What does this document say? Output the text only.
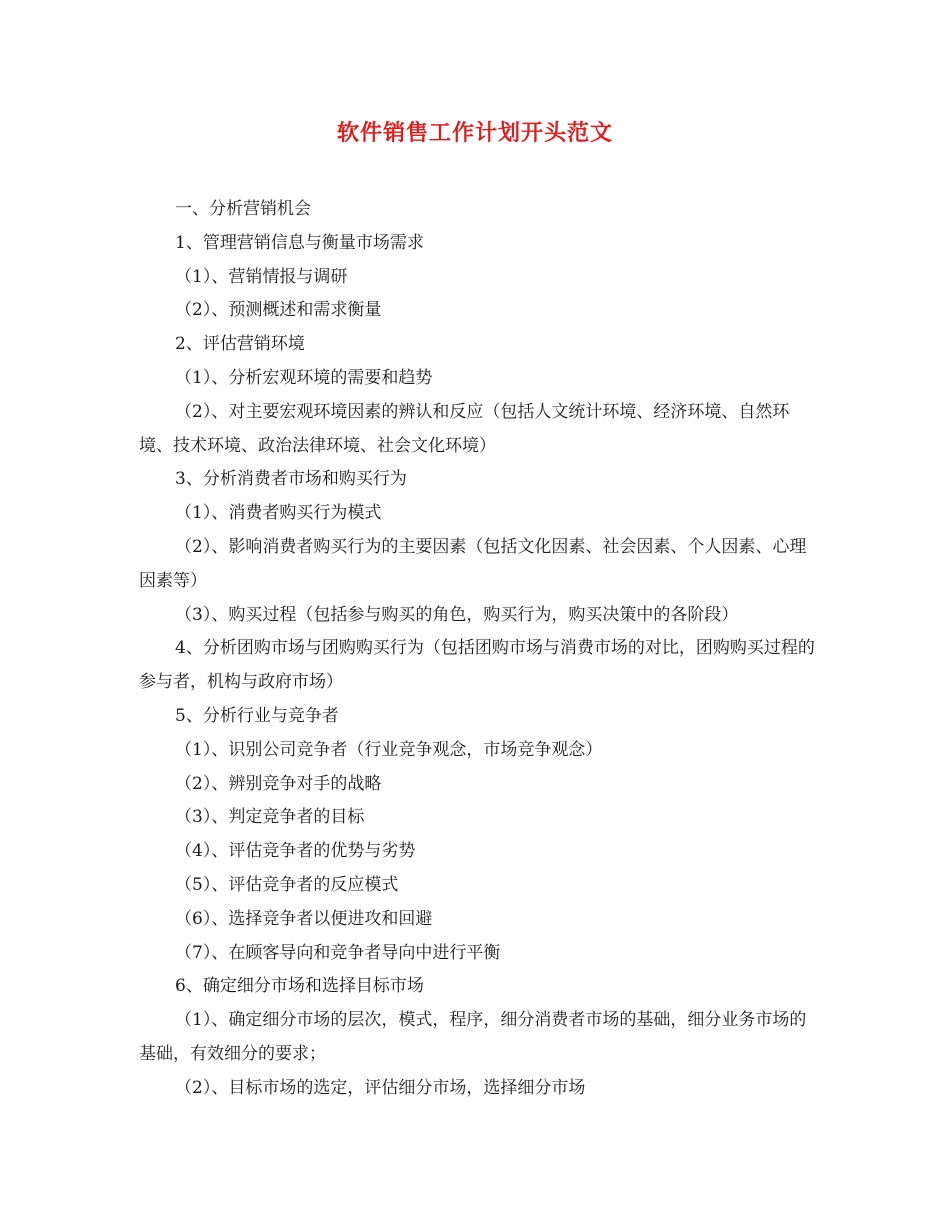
软件销售工作计划开头范文

一、分析营销机会

1、管理营销信息与衡量市场需求

（1）、营销情报与调研

（2）、预测概述和需求衡量

2、评估营销环境

（1）、分析宏观环境的需要和趋势

（2）、对主要宏观环境因素的辨认和反应（包括人文统计环境、经济环境、自然环境、技术环境、政治法律环境、社会文化环境）

3、分析消费者市场和购买行为

（1）、消费者购买行为模式

（2）、影响消费者购买行为的主要因素（包括文化因素、社会因素、个人因素、心理因素等）

（3）、购买过程（包括参与购买的角色，购买行为，购买决策中的各阶段）

4、分析团购市场与团购购买行为（包括团购市场与消费市场的对比，团购购买过程的参与者，机构与政府市场）

5、分析行业与竞争者

（1）、识别公司竞争者（行业竞争观念，市场竞争观念）

（2）、辨别竞争对手的战略

（3）、判定竞争者的目标

（4）、评估竞争者的优势与劣势

（5）、评估竞争者的反应模式

（6）、选择竞争者以便进攻和回避

（7）、在顾客导向和竞争者导向中进行平衡

6、确定细分市场和选择目标市场

（1）、确定细分市场的层次，模式，程序，细分消费者市场的基础，细分业务市场的基础，有效细分的要求；

（2）、目标市场的选定，评估细分市场，选择细分市场
